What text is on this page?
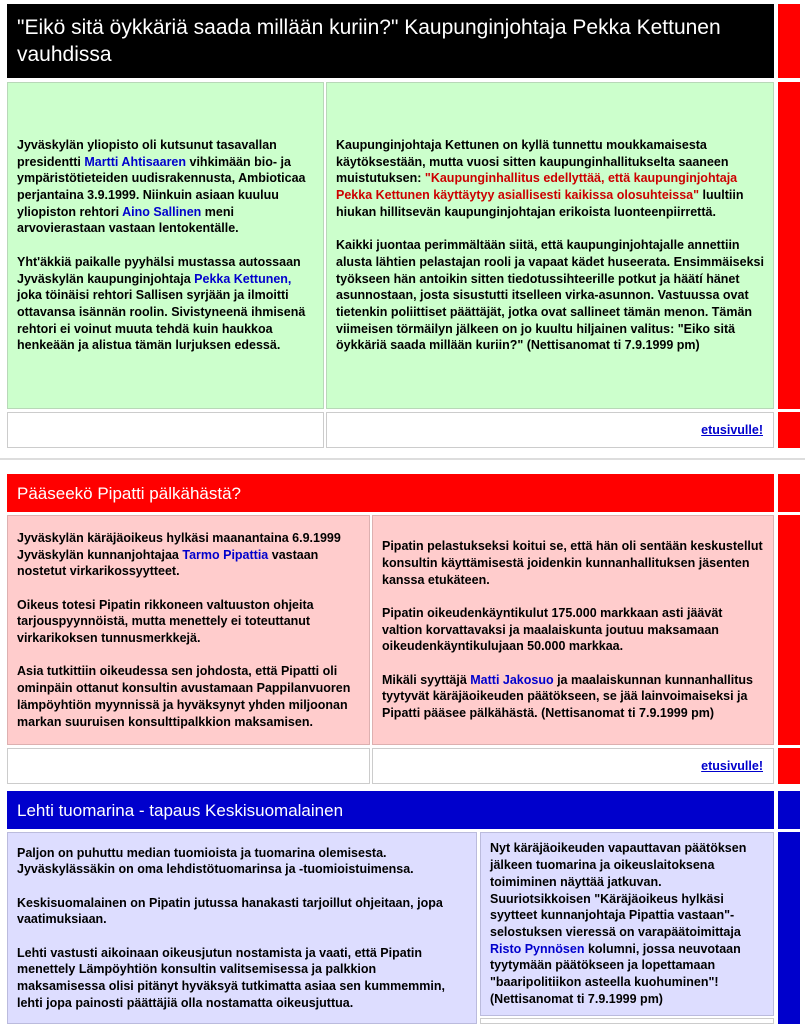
"Eikö sitä öykkäriä saada millään kuriin?" Kaupunginjohtaja Pekka Kettunen vauhdissa

Jyväskylän yliopisto oli kutsunut tasavallan presidentti Martti Ahtisaaren vihkimään bio- ja ympäristötieteiden uudisrakennusta, Ambioticaa perjantaina 3.9.1999. Niinkuin asiaan kuuluu yliopiston rehtori Aino Sallinen meni arvovierastaan vastaan lentokentälle.

Yht'äkkiä paikalle pyyhälsi mustassa autossaan Jyväskylän kaupunginjohtaja Pekka Kettunen, joka töinäisi rehtori Sallisen syrjään ja ilmoitti ottavansa isännän roolin. Sivistyneenä ihmisenä rehtori ei voinut muuta tehdä kuin haukkoa henkeään ja alistua tämän lurjuksen edessä.

Kaupunginjohtaja Kettunen on kyllä tunnettu moukkamaisesta käytöksestään, mutta vuosi sitten kaupunginhallitukselta saaneen muistutuksen: "Kaupunginhallitus edellyttää, että kaupunginjohtaja Pekka Kettunen käyttäytyy asiallisesti kaikissa olosuhteissa" luultiin hiukan hillitsevän kaupunginjohtajan erikoista luonteenpiirrettä.

Kaikki juontaa perimmältään siitä, että kaupunginjohtajalle annettiin alusta lähtien pelastajan rooli ja vapaat kädet huseerata. Ensimmäiseksi työkseen hän antoikin sitten tiedotussihteerille potkut ja häätí hänet asunnostaan, josta sisustutti itselleen virka-asunnon. Vastuussa ovat tietenkin poliittiset päättäjät, jotka ovat sallineet tämän menon. Tämän viimeisen törmäilyn jälkeen on jo kuultu hiljainen valitus: "Eiko sitä öykkäriä saada millään kuriin?" (Nettisanomat ti 7.9.1999 pm)

etusivulle!
Pääseekö Pipatti pälkähästä?

Jyväskylän käräjäoikeus hylkäsi maanantaina 6.9.1999 Jyväskylän kunnanjohtajaa Tarmo Pipattia vastaan nostetut virkarikossyytteet.

Oikeus totesi Pipatin rikkoneen valtuuston ohjeita tarjouspyynnöistä, mutta menettely ei toteuttanut virkarikoksen tunnusmerkkejä.

Asia tutkittiin oikeudessa sen johdosta, että Pipatti oli ominpäin ottanut konsultin avustamaan Pappilanvuoren lämpöyhtiön myynnissä ja hyväksynyt yhden miljoonan markan suuruisen konsulttipalkkion maksamisen.

Pipatin pelastukseksi koitui se, että hän oli sentään keskustellut konsultin käyttämisestä joidenkin kunnanhallituksen jäsenten kanssa etukäteen.

Pipatin oikeudenkäyntikulut 175.000 markkaan asti jäävät valtion korvattavaksi ja maalaiskunta joutuu maksamaan oikeudenkäyntikulujaan 50.000 markkaa.

Mikäli syyttäjä Matti Jakosuo ja maalaiskunnan kunnanhallitus tyytyvät käräjäoikeuden päätökseen, se jää lainvoimaiseksi ja Pipatti pääsee pälkähästä. (Nettisanomat ti 7.9.1999 pm)

etusivulle!
Lehti tuomarina - tapaus Keskisuomalainen

Paljon on puhuttu median tuomioista ja tuomarina olemisesta. Jyväskylässäkin on oma lehdistötuomarinsa ja -tuomioistuimensa.

Keskisuomalainen on Pipatin jutussa hanakasti tarjoillut ohjeitaan, jopa vaatimuksiaan.

Lehti vastusti aikoinaan oikeusjutun nostamista ja vaati, että Pipatin menettely Lämpöyhtiön konsultin valitsemisessa ja palkkion maksamisessa olisi pitänyt hyväksyä tutkimatta asiaa sen kummemmin, lehti jopa painosti päättäjiä olla nostamatta oikeusjuttua.

Nyt käräjäoikeuden vapauttavan päätöksen jälkeen tuomarina ja oikeuslaitoksena toimiminen näyttää jatkuvan. Suuriotsikkoisen "Käräjäoikeus hylkäsi syytteet kunnanjohtaja Pipattia vastaan"-selostuksen vieressä on varapäätoimittaja Risto Pynnösen kolumni, jossa neuvotaan tyytymään päätökseen ja lopettamaan "baaripolitiikon asteella kuohuminen"! (Nettisanomat ti 7.9.1999 pm)
